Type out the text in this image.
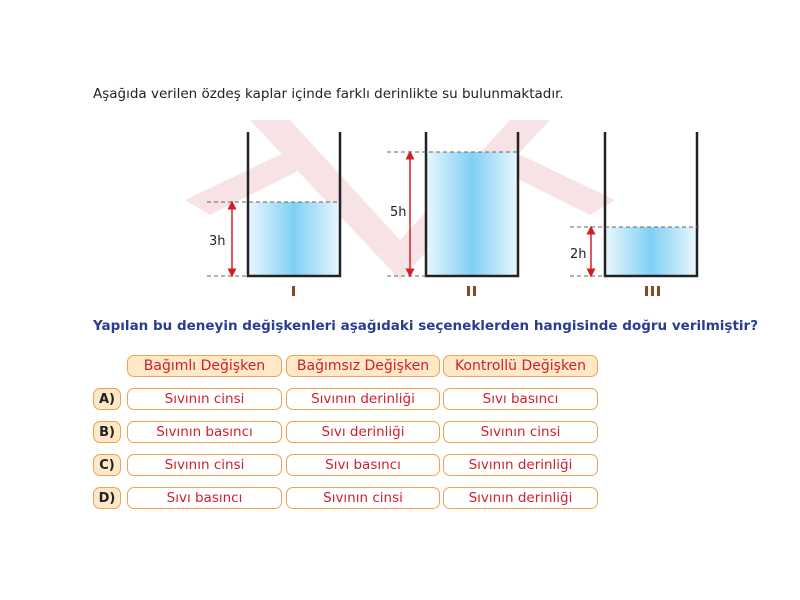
Aşağıda verilen özdeş kaplar içinde farklı derinlikte su bulunmaktadır.
3h
5h
2h
Yapılan bu deneyin değişkenleri aşağıdaki seçeneklerden hangisinde doğru verilmiştir?
Bağımlı Değişken	Bağımsız Değişken	Kontrollü Değişken
A)	Sıvının cinsi	Sıvının derinliği	Sıvı basıncı
B)	Sıvının basıncı	Sıvı derinliği	Sıvının cinsi
C)	Sıvının cinsi	Sıvı basıncı	Sıvının derinliği
D)	Sıvı basıncı	Sıvının cinsi	Sıvının derinliği
